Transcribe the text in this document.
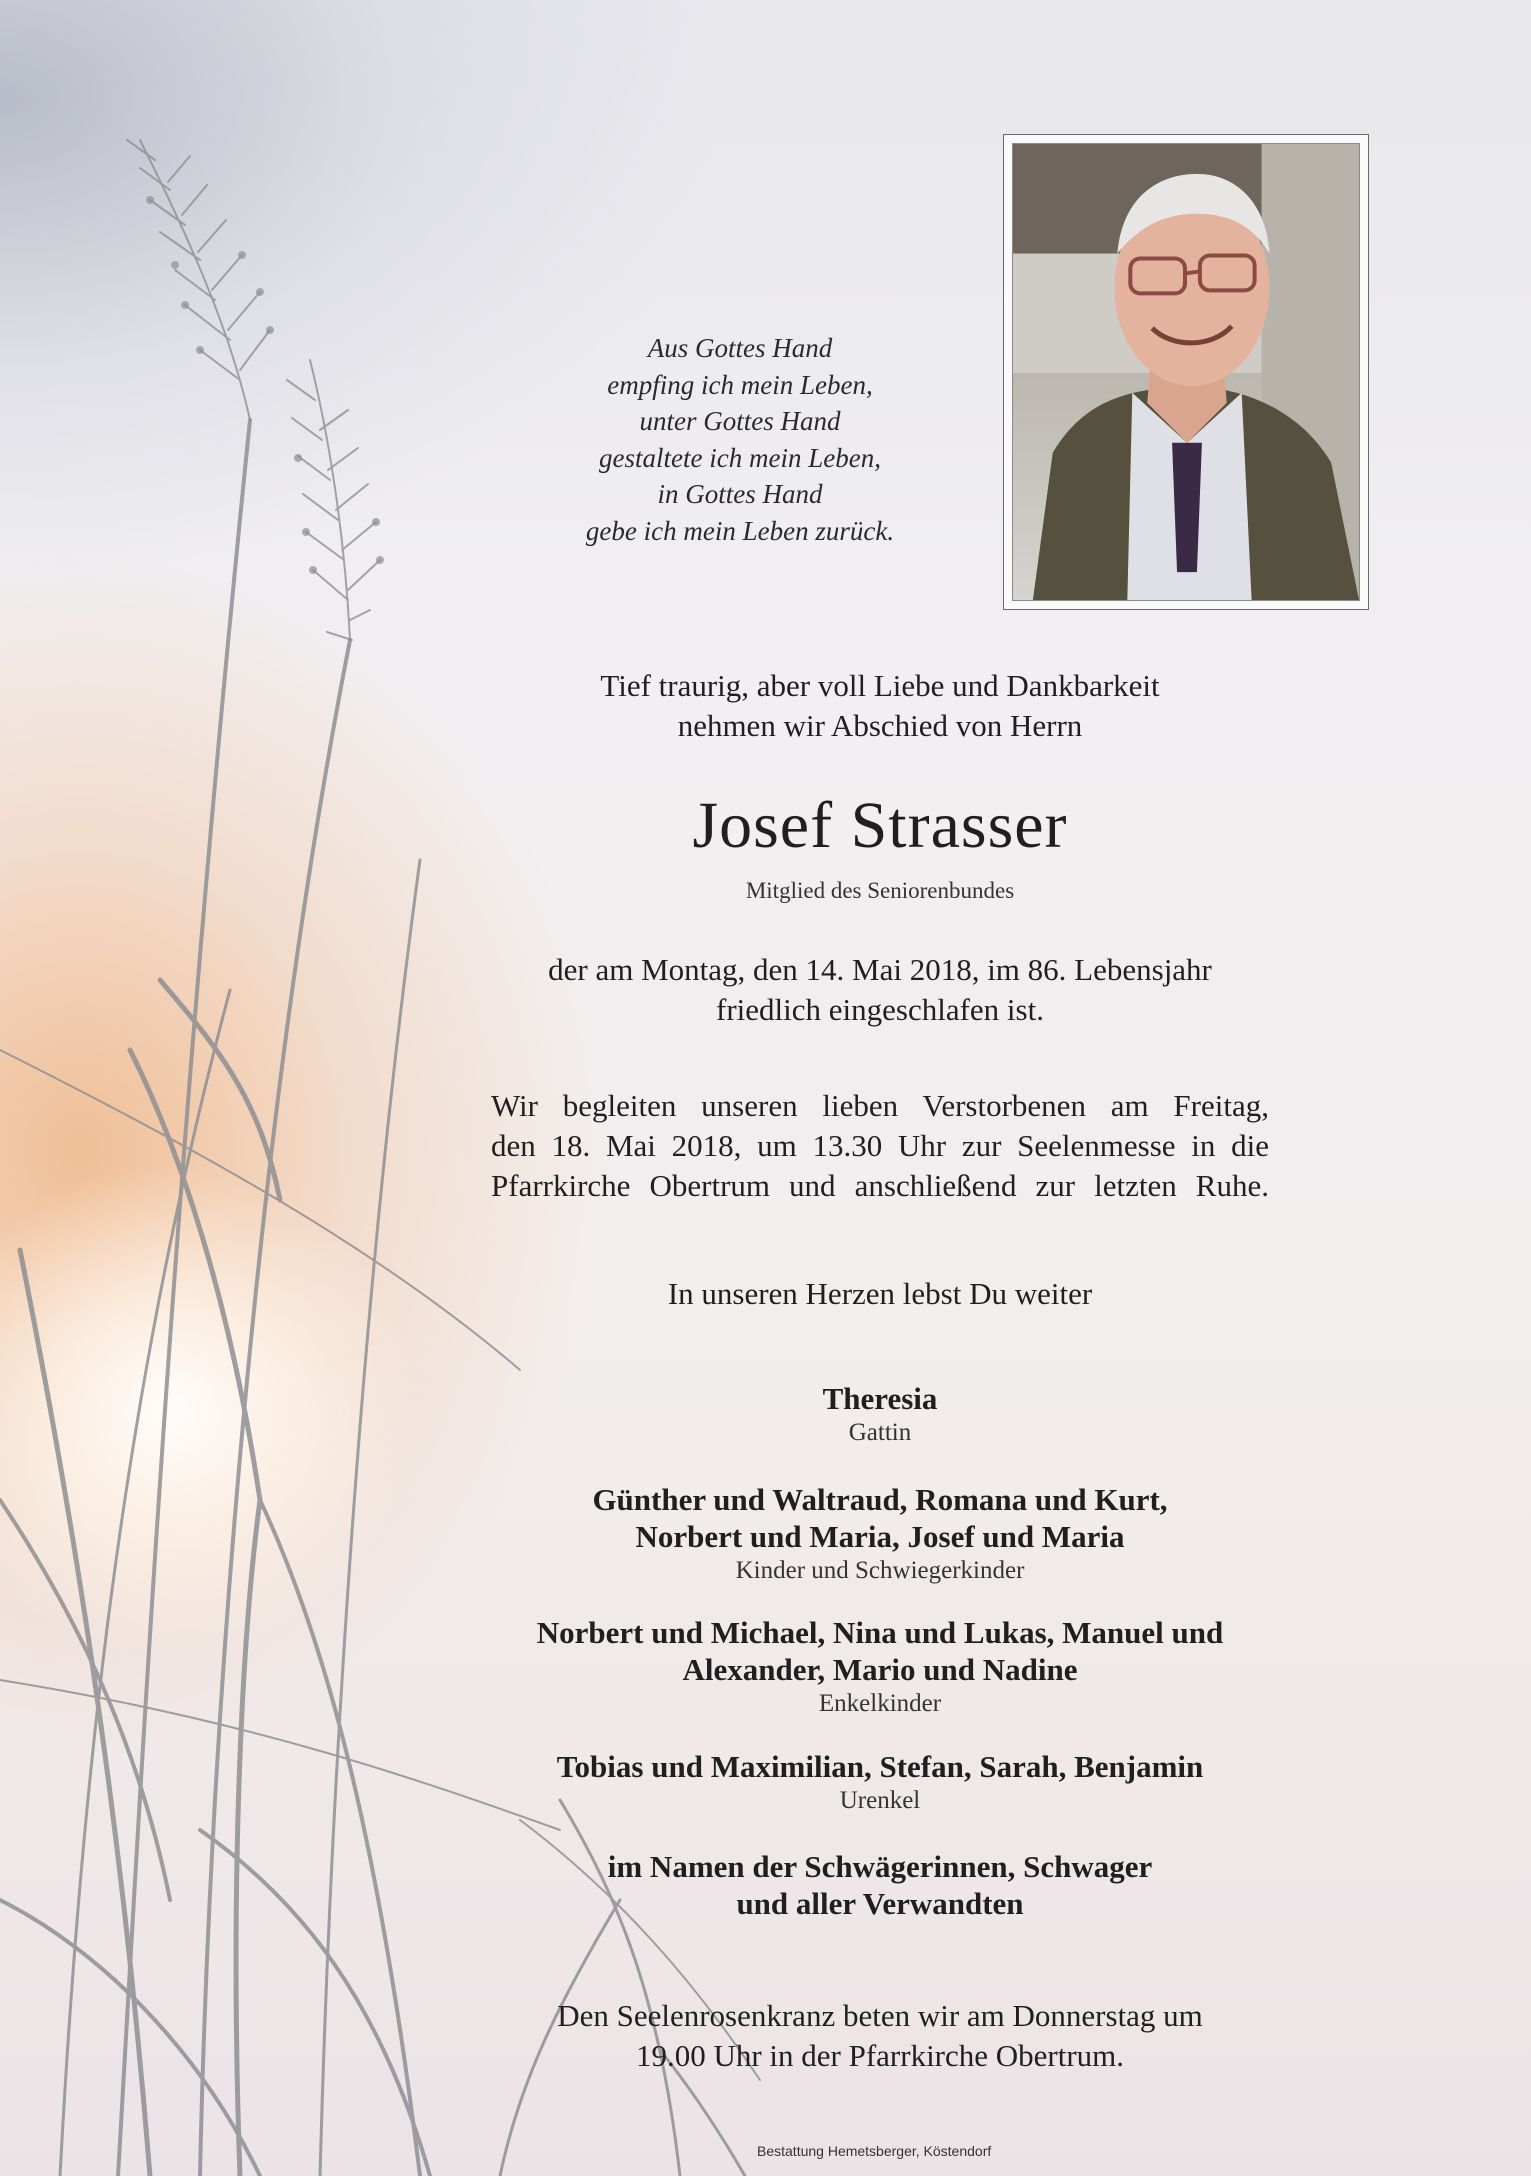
Aus Gottes Hand
empfing ich mein Leben,
unter Gottes Hand
gestaltete ich mein Leben,
in Gottes Hand
gebe ich mein Leben zurück.
Tief traurig, aber voll Liebe und Dankbarkeit
nehmen wir Abschied von Herrn
Josef Strasser
Mitglied des Seniorenbundes
der am Montag, den 14. Mai 2018, im 86. Lebensjahr
friedlich eingeschlafen ist.
Wir begleiten unseren lieben Verstorbenen am Freitag,
den 18. Mai 2018, um 13.30 Uhr zur Seelenmesse in die
Pfarrkirche Obertrum und anschließend zur letzten Ruhe.
In unseren Herzen lebst Du weiter
Theresia
Gattin
Günther und Waltraud, Romana und Kurt,
Norbert und Maria, Josef und Maria
Kinder und Schwiegerkinder
Norbert und Michael, Nina und Lukas, Manuel und
Alexander, Mario und Nadine
Enkelkinder
Tobias und Maximilian, Stefan, Sarah, Benjamin
Urenkel
im Namen der Schwägerinnen, Schwager
und aller Verwandten
Den Seelenrosenkranz beten wir am Donnerstag um
19.00 Uhr in der Pfarrkirche Obertrum.
Bestattung Hemetsberger, Köstendorf
